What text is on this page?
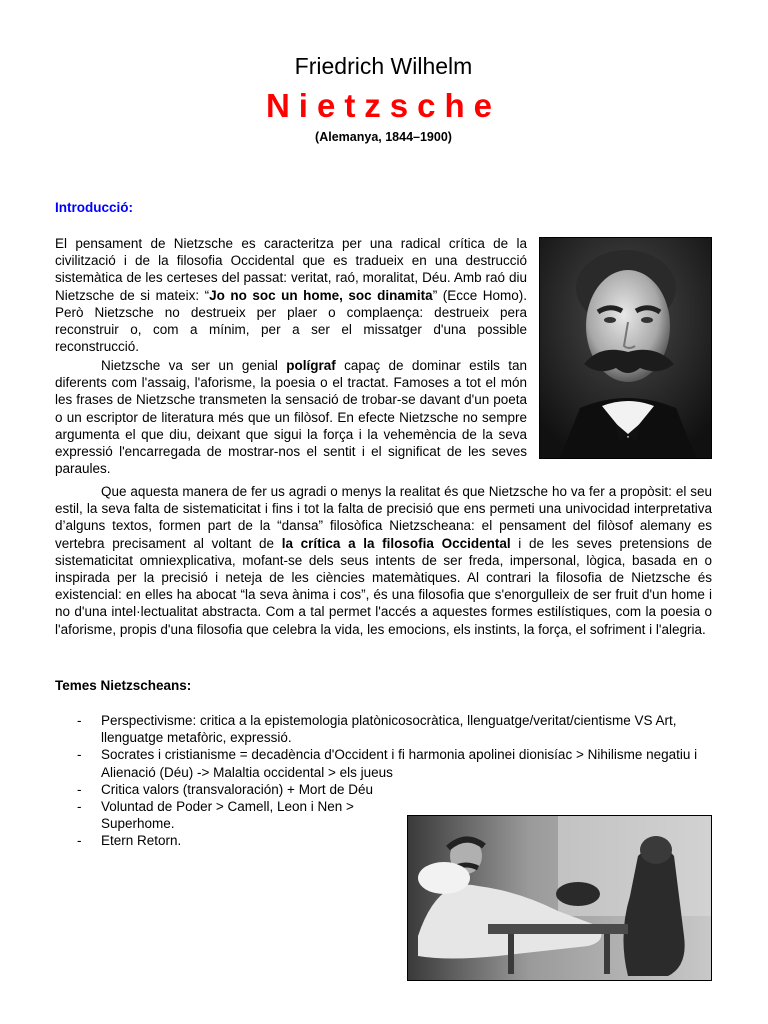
Friedrich Wilhelm
Nietzsche
(Alemanya, 1844–1900)
Introducció:
El pensament de Nietzsche es caracteritza per una radical crítica de la civilització i de la filosofia Occidental que es tradueix en una destrucció sistemàtica de les certeses del passat: veritat, raó, moralitat, Déu. Amb raó diu Nietzsche de si mateix: “Jo no soc un home, soc dinamita” (Ecce Homo). Però Nietzsche no destrueix per plaer o complaença: destrueix pera reconstruir o, com a mínim, per a ser el missatger d'una possible reconstrucció.
Nietzsche va ser un genial polígraf capaç de dominar estils tan diferents com l'assaig, l'aforisme, la poesia o el tractat. Famoses a tot el món les frases de Nietzsche transmeten la sensació de trobar-se davant d'un poeta o un escriptor de literatura més que un filòsof. En efecte Nietzsche no sempre argumenta el que diu, deixant que sigui la força i la vehemència de la seva expressió l'encarregada de mostrar-nos el sentit i el significat de les seves paraules.
Que aquesta manera de fer us agradi o menys la realitat és que Nietzsche ho va fer a propòsit: el seu estil, la seva falta de sistematicitat i fins i tot la falta de precisió que ens permeti una univocidad interpretativa d’alguns textos, formen part de la “dansa” filosòfica Nietzscheana: el pensament del filòsof alemany es vertebra precisament al voltant de la crítica a la filosofia Occidental i de les seves pretensions de sistematicitat omniexplicativa, mofant-se dels seus intents de ser freda, impersonal, lògica, basada en o inspirada per la precisió i neteja de les ciències matemàtiques. Al contrari la filosofia de Nietzsche és existencial: en elles ha abocat “la seva ànima i cos”, és una filosofia que s'enorgulleix de ser fruit d'un home i no d'una intel·lectualitat abstracta. Com a tal permet l'accés a aquestes formes estilístiques, com la poesia o l'aforisme, propis d'una filosofia que celebra la vida, les emocions, els instints, la força, el sofriment i l'alegria.
Temes Nietzscheans:
- Perspectivisme: critica a la epistemologia platònicosocràtica, llenguatge/veritat/cientisme VS Art, llenguatge metafòric, expressió.
- Socrates i cristianisme = decadència d'Occident i fi harmonia apolinei dionisíac > Nihilisme negatiu i Alienació (Déu) -> Malaltia occidental > els jueus
- Critica valors (transvaloración) + Mort de Déu
- Voluntad de Poder > Camell, Leon i Nen > Superhome.
- Etern Retorn.
